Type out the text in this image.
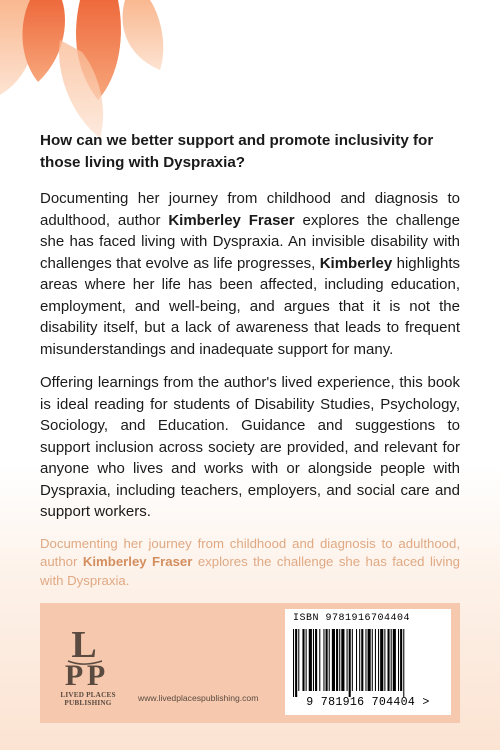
How can we better support and promote inclusivity for those living with Dyspraxia?

Documenting her journey from childhood and diagnosis to adulthood, author Kimberley Fraser explores the challenge she has faced living with Dyspraxia. An invisible disability with challenges that evolve as life progresses, Kimberley highlights areas where her life has been affected, including education, employment, and well-being, and argues that it is not the disability itself, but a lack of awareness that leads to frequent misunderstandings and inadequate support for many.

Offering learnings from the author's lived experience, this book is ideal reading for students of Disability Studies, Psychology, Sociology, and Education. Guidance and suggestions to support inclusion across society are provided, and relevant for anyone who lives and works with or alongside people with Dyspraxia, including teachers, employers, and social care and support workers.

Documenting her journey from childhood and diagnosis to adulthood, author Kimberley Fraser explores the challenge she has faced living with Dyspraxia.

L
P P
LIVED PLACES
PUBLISHING
www.livedplacespublishing.com
ISBN 9781916704404
9 781916 704404 >
